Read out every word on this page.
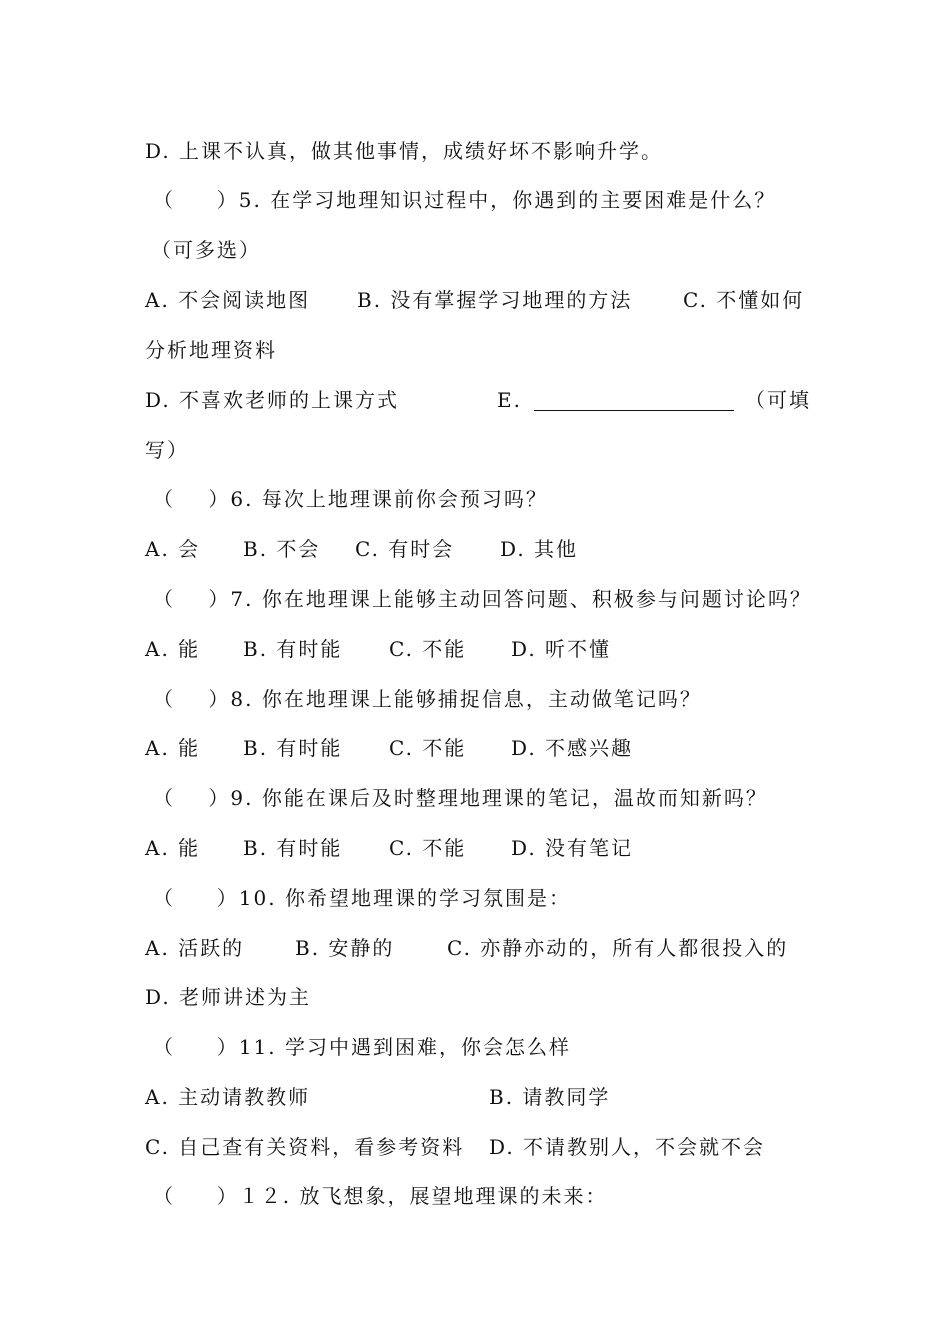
D. 上课不认真，做其他事情，成绩好坏不影响升学。

（     ）5. 在学习地理知识过程中，你遇到的主要困难是什么？

（可多选）

A. 不会阅读地图

B. 没有掌握学习地理的方法

	C. 不懂如何

分析地理资料

D. 不喜欢老师的上课方式

	E.

	（可填

写）

（    ）6. 每次上地理课前你会预习吗？

A. 会

B. 不会

C. 有时会

D. 其他

（    ）7. 你在地理课上能够主动回答问题、积极参与问题讨论吗？

A. 能

B. 有时能

C. 不能

D. 听不懂

（    ）8. 你在地理课上能够捕捉信息，主动做笔记吗？

A. 能

B. 有时能

C. 不能

D. 不感兴趣

（    ）9. 你能在课后及时整理地理课的笔记，温故而知新吗？

A. 能

B. 有时能

C. 不能

D. 没有笔记

（     ）10. 你希望地理课的学习氛围是：

A. 活跃的

	B. 安静的

	C. 亦静亦动的，所有人都很投入的

D. 老师讲述为主

（     ）11. 学习中遇到困难，你会怎么样

A. 主动请教教师

	B. 请教同学

C. 自己查有关资料，看参考资料

D. 不请教别人，不会就不会

（     ）１２. 放飞想象，展望地理课的未来：
